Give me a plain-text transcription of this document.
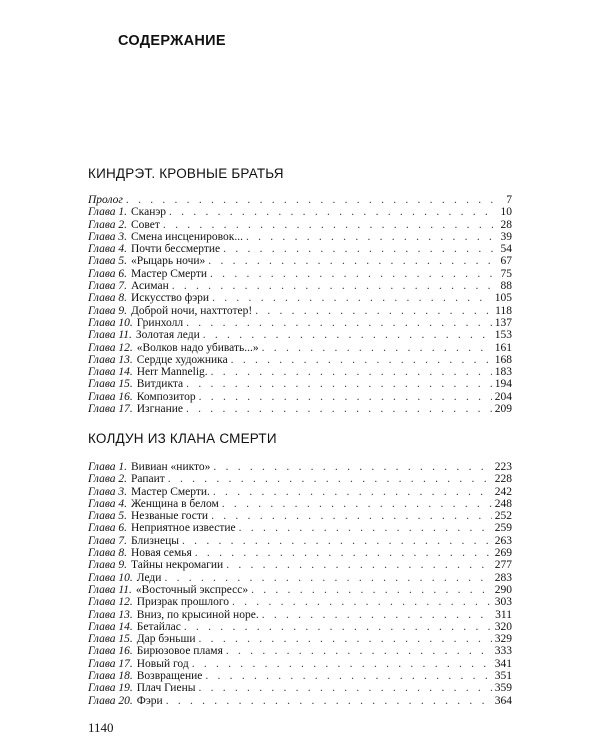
СОДЕРЖАНИЕ
КИНДРЭТ. КРОВНЫЕ БРАТЬЯ
Пролог . . .	7
Глава 1. Сканэр . . .	10
Глава 2. Совет . . .	28
Глава 3. Смена инсценировок... . . .	39
Глава 4. Почти бессмертие . . .	54
Глава 5. «Рыцарь ночи» . . .	67
Глава 6. Мастер Смерти . . .	75
Глава 7. Асиман . . .	88
Глава 8. Искусство фэри . . .	105
Глава 9. Доброй ночи, нахттотер! . . .	118
Глава 10. Гринхолл . . .	137
Глава 11. Золотая леди . . .	153
Глава 12. «Волков надо убивать...» . . .	161
Глава 13. Сердце художника . . .	168
Глава 14. Herr Mannelig. . . .	183
Глава 15. Витдикта . . .	194
Глава 16. Композитор . . .	204
Глава 17. Изгнание . . .	209
КОЛДУН ИЗ КЛАНА СМЕРТИ
Глава 1. Вивиан «никто» . . .	223
Глава 2. Рапаит . . .	228
Глава 3. Мастер Смерти. . . .	242
Глава 4. Женщина в белом . . .	248
Глава 5. Незваные гости . . .	252
Глава 6. Неприятное известие . . .	259
Глава 7. Близнецы . . .	263
Глава 8. Новая семья . . .	269
Глава 9. Тайны некромагии . . .	277
Глава 10. Леди . . .	283
Глава 11. «Восточный экспресс» . . .	290
Глава 12. Призрак прошлого . . .	303
Глава 13. Вниз, по крысиной норе. . . .	311
Глава 14. Бетайлас . . .	320
Глава 15. Дар бэньши . . .	329
Глава 16. Бирюзовое пламя . . .	333
Глава 17. Новый год . . .	341
Глава 18. Возвращение . . .	351
Глава 19. Плач Гиены . . .	359
Глава 20. Фэри . . .	364
1140
